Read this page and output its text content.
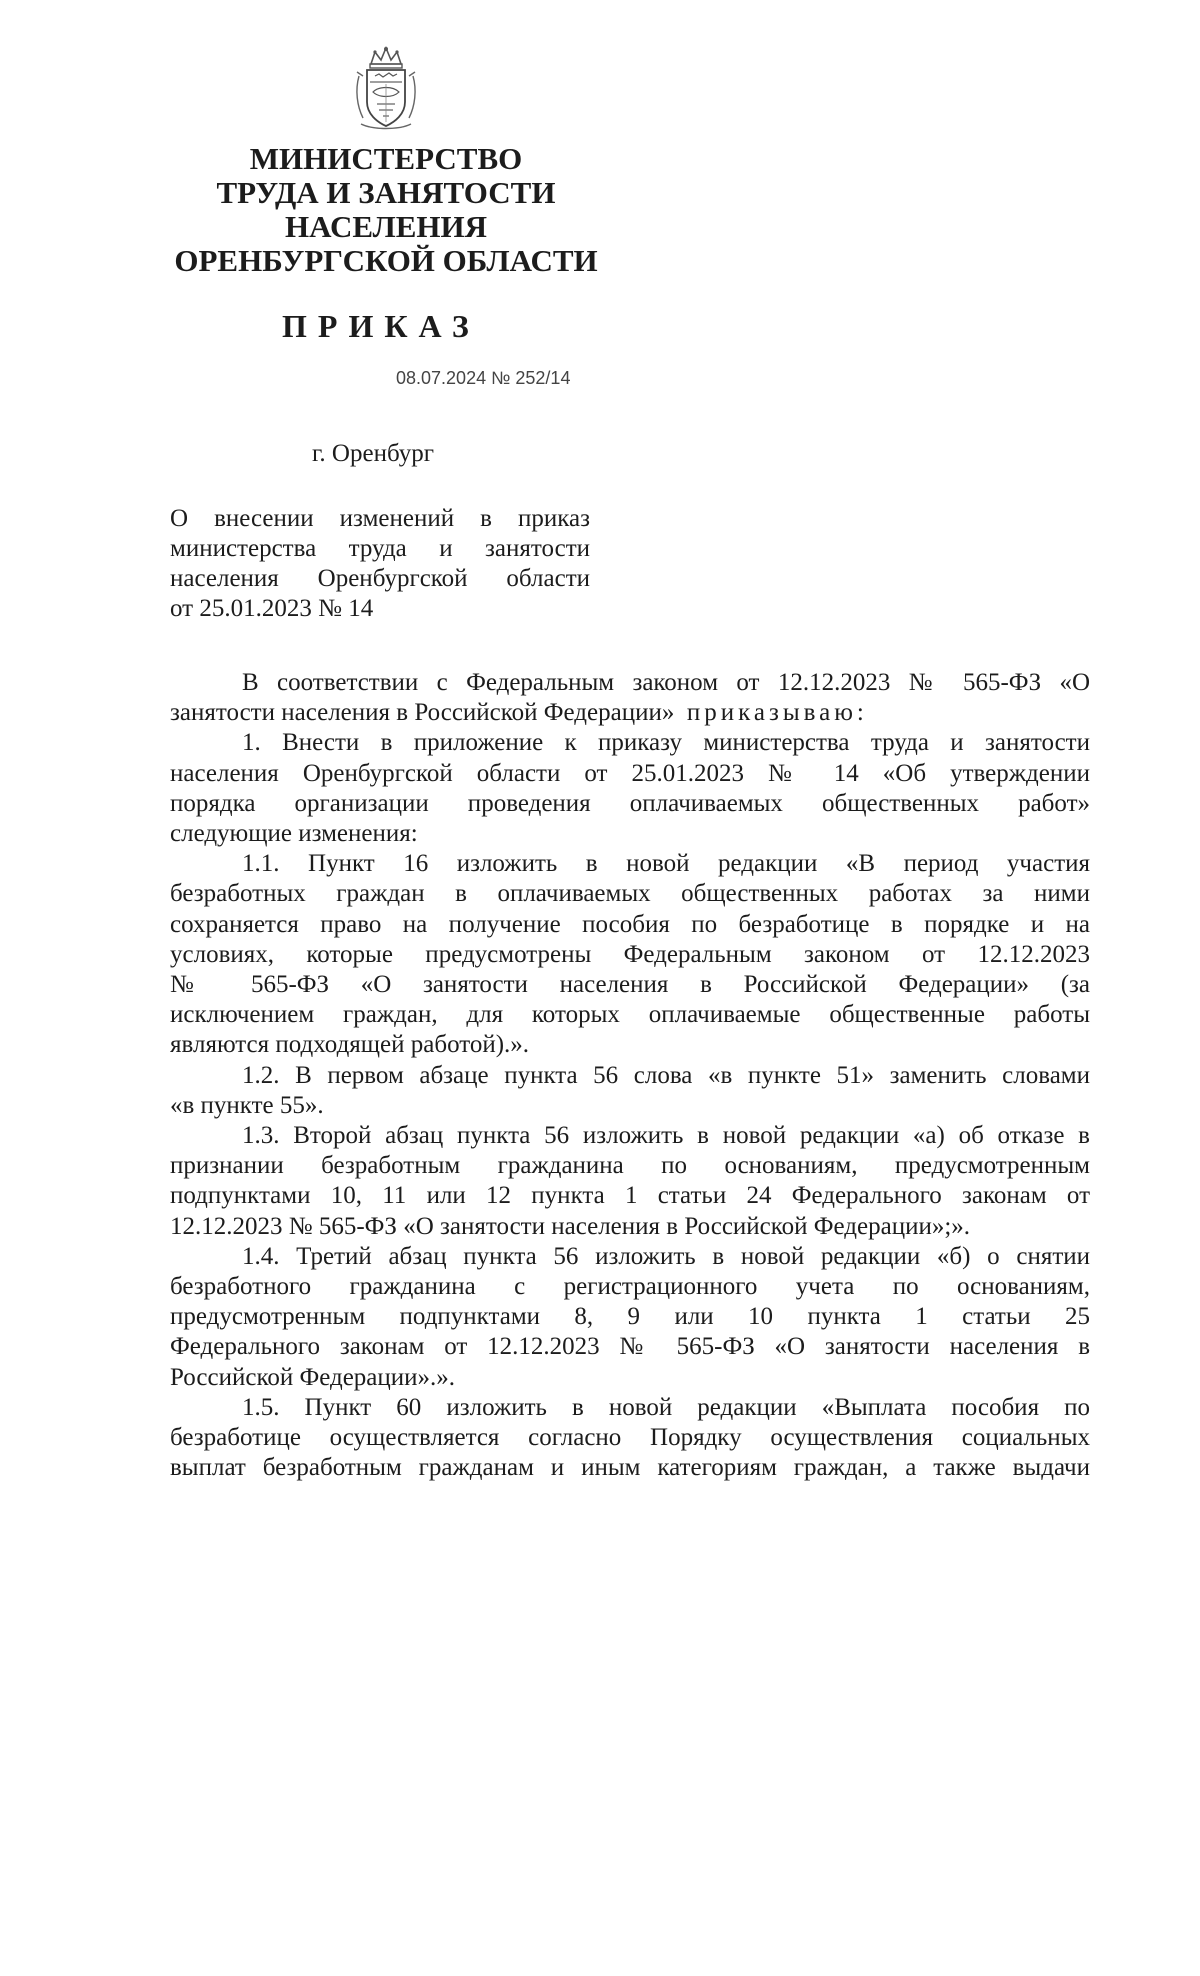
МИНИСТЕРСТВО
ТРУДА И ЗАНЯТОСТИ
НАСЕЛЕНИЯ
ОРЕНБУРГСКОЙ ОБЛАСТИ
ПРИКАЗ
08.07.2024 № 252/14
г. Оренбург
О внесении изменений в приказ
министерства труда и занятости
населения Оренбургской области
от 25.01.2023 № 14
В соответствии с Федеральным законом от 12.12.2023 № 565-ФЗ «О
занятости населения в Российской Федерации» приказываю:
1. Внести в приложение к приказу министерства труда и занятости
населения Оренбургской области от 25.01.2023 № 14 «Об утверждении
порядка организации проведения оплачиваемых общественных работ»
следующие изменения:
1.1. Пункт 16 изложить в новой редакции «В период участия
безработных граждан в оплачиваемых общественных работах за ними
сохраняется право на получение пособия по безработице в порядке и на
условиях, которые предусмотрены Федеральным законом от 12.12.2023
№ 565-ФЗ «О занятости населения в Российской Федерации» (за
исключением граждан, для которых оплачиваемые общественные работы
являются подходящей работой).».
1.2. В первом абзаце пункта 56 слова «в пункте 51» заменить словами
«в пункте 55».
1.3. Второй абзац пункта 56 изложить в новой редакции «а) об отказе в
признании безработным гражданина по основаниям, предусмотренным
подпунктами 10, 11 или 12 пункта 1 статьи 24 Федерального законам от
12.12.2023 № 565-ФЗ «О занятости населения в Российской Федерации»;».
1.4. Третий абзац пункта 56 изложить в новой редакции «б) о снятии
безработного гражданина с регистрационного учета по основаниям,
предусмотренным подпунктами 8, 9 или 10 пункта 1 статьи 25
Федерального законам от 12.12.2023 № 565-ФЗ «О занятости населения в
Российской Федерации».».
1.5. Пункт 60 изложить в новой редакции «Выплата пособия по
безработице осуществляется согласно Порядку осуществления социальных
выплат безработным гражданам и иным категориям граждан, а также выдачи
